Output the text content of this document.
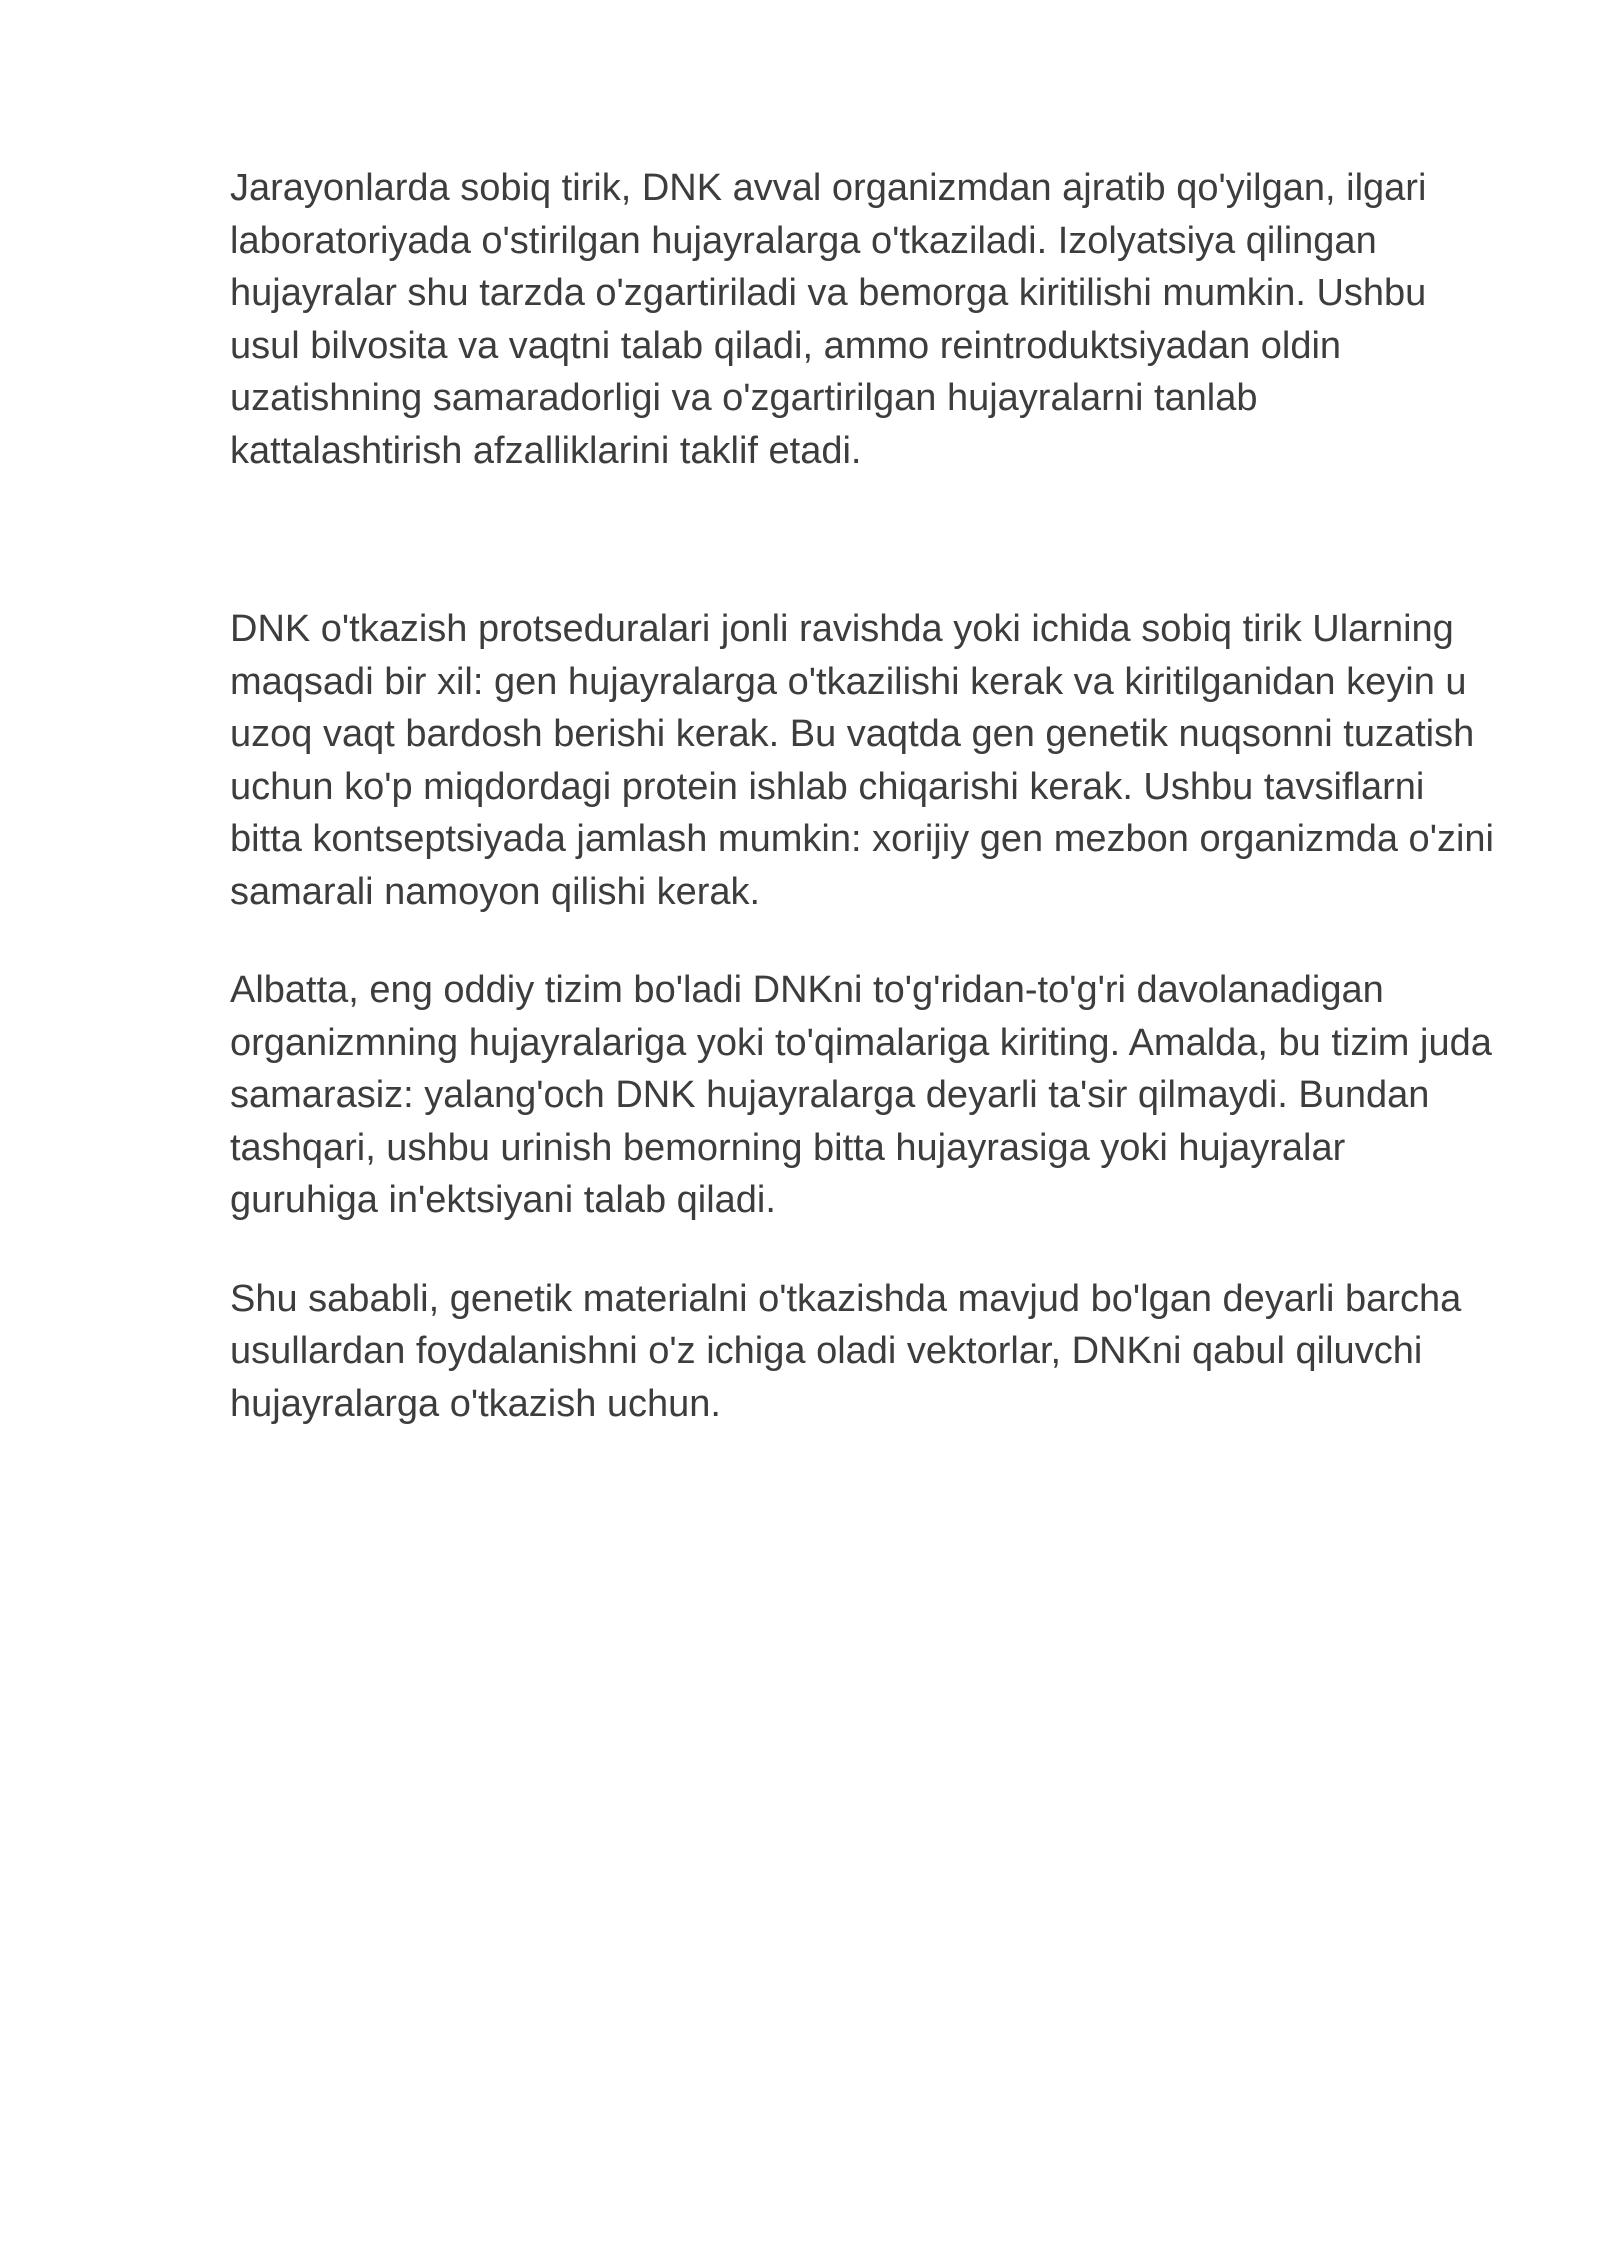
Jarayonlarda sobiq tirik, DNK avval organizmdan ajratib qo'yilgan, ilgari laboratoriyada o'stirilgan hujayralarga o'tkaziladi. Izolyatsiya qilingan hujayralar shu tarzda o'zgartiriladi va bemorga kiritilishi mumkin. Ushbu usul bilvosita va vaqtni talab qiladi, ammo reintroduktsiyadan oldin uzatishning samaradorligi va o'zgartirilgan hujayralarni tanlab kattalashtirish afzalliklarini taklif etadi.

DNK o'tkazish protseduralari jonli ravishda yoki ichida sobiq tirik Ularning maqsadi bir xil: gen hujayralarga o'tkazilishi kerak va kiritilganidan keyin u uzoq vaqt bardosh berishi kerak. Bu vaqtda gen genetik nuqsonni tuzatish uchun ko'p miqdordagi protein ishlab chiqarishi kerak. Ushbu tavsiflarni bitta kontseptsiyada jamlash mumkin: xorijiy gen mezbon organizmda o'zini samarali namoyon qilishi kerak.

Albatta, eng oddiy tizim bo'ladi DNKni to'g'ridan-to'g'ri davolanadigan organizmning hujayralariga yoki to'qimalariga kiriting. Amalda, bu tizim juda samarasiz: yalang'och DNK hujayralarga deyarli ta'sir qilmaydi. Bundan tashqari, ushbu urinish bemorning bitta hujayrasiga yoki hujayralar guruhiga in'ektsiyani talab qiladi.

Shu sababli, genetik materialni o'tkazishda mavjud bo'lgan deyarli barcha usullardan foydalanishni o'z ichiga oladi vektorlar, DNKni qabul qiluvchi hujayralarga o'tkazish uchun.
